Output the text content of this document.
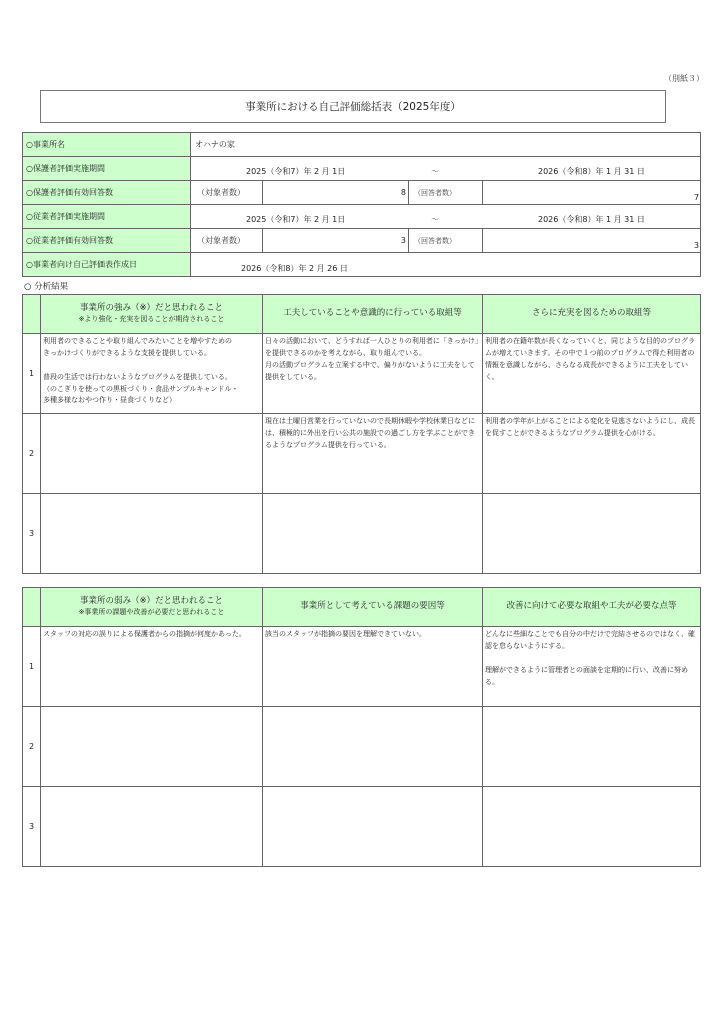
（別紙３）
事業所における自己評価総括表（2025年度）
○事業所名	オハナの家			
○保護者評価実施期間	2025（令和7）年 2 月 1日 ～ 2026（令和8）年 1 月 31 日			

○保護者評価有効回答数	（対象者数）	8	（回答者数）	7
○従業者評価実施期間	2025（令和7）年 2 月 1日 ～ 2026（令和8）年 1 月 31 日			

○従業者評価有効回答数	（対象者数）	3	（回答者数）	3
○事業者向け自己評価表作成日	2026（令和8）年 2 月 26 日			
○ 分析結果
	事業所の強み（※）だと思われること
※より強化・充実を図ることが期待されること	工夫していることや意識的に行っている取組等	さらに充実を図るための取組等
1	利用者のできることや取り組んでみたいことを増やすための
きっかけづくりができるような支援を提供している。

普段の生活では行わないようなプログラムを提供している。
（のこぎりを使っての黒板づくり・食品サンプルキャンドル・
多種多様なおやつ作り・昼食づくりなど）	日々の活動において、どうすれば一人ひとりの利用者に「きっかけ」を提供できるのかを考えながら、取り組んでいる。
月の活動プログラムを立案する中で、偏りがないように工夫をして提供をしている。	利用者の在籍年数が長くなっていくと、同じような目的のプログラムが増えていきます。その中で１つ前のプログラムで得た利用者の情報を意識しながら、さらなる成長ができるように工夫をしていく。
2		現在は土曜日営業を行っていないので長期休暇や学校休業日などには、積極的に外出を行い公共の施設での過ごし方を学ぶことができるようなプログラム提供を行っている。	利用者の学年が上がることによる変化を見逃さないようにし、成長を促すことができるようなプログラム提供を心がける。
3			
	事業所の弱み（※）だと思われること
※事業所の課題や改善が必要だと思われること	事業所として考えている課題の要因等	改善に向けて必要な取組や工夫が必要な点等
1	スタッフの対応の誤りによる保護者からの指摘が何度かあった。	該当のスタッフが指摘の要因を理解できていない。	どんなに些細なことでも自分の中だけで完結させるのではなく、確認を怠らないようにする。

理解ができるように管理者との面談を定期的に行い、改善に努める。
2			
3			
